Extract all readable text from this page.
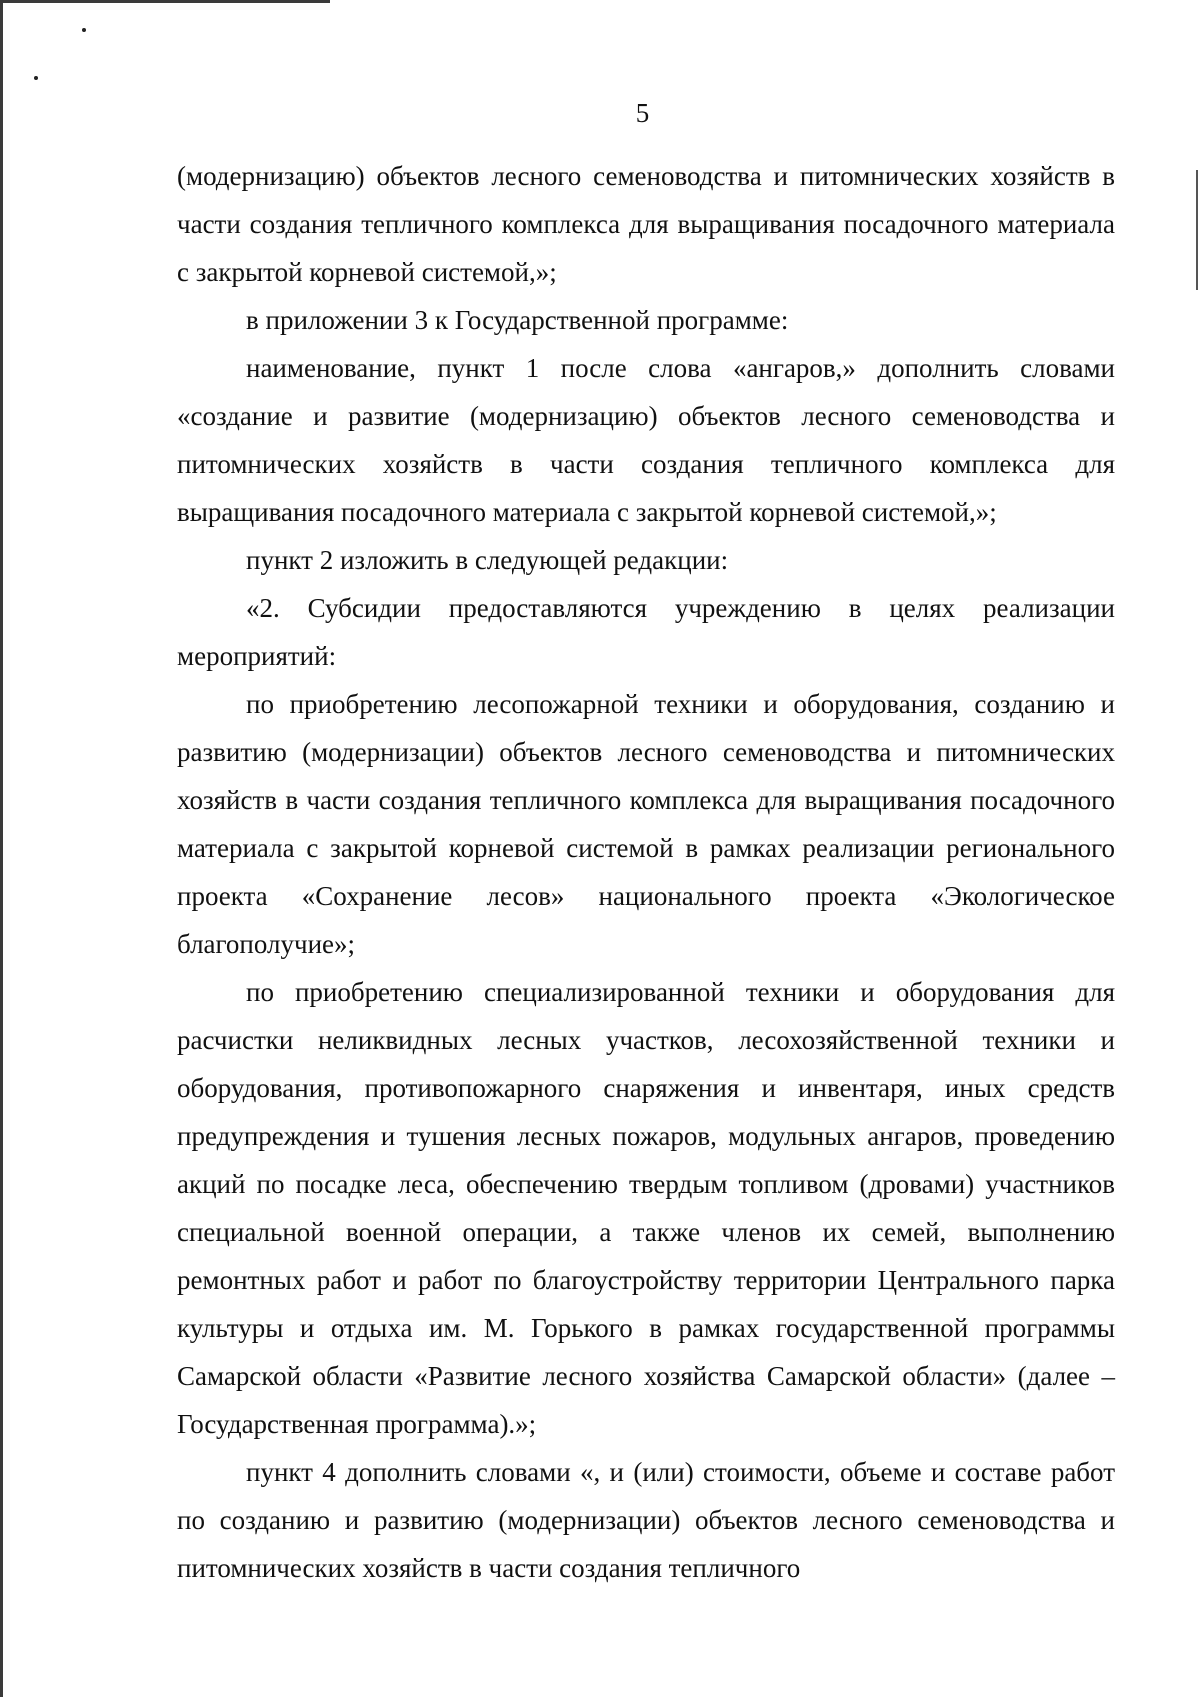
5

(модернизацию) объектов лесного семеноводства и питомнических хозяйств в части создания тепличного комплекса для выращивания посадочного материала с закрытой корневой системой,»;

в приложении 3 к Государственной программе:

наименование, пункт 1 после слова «ангаров,» дополнить словами «создание и развитие (модернизацию) объектов лесного семеноводства и питомнических хозяйств в части создания тепличного комплекса для выращивания посадочного материала с закрытой корневой системой,»;

пункт 2 изложить в следующей редакции:

«2. Субсидии предоставляются учреждению в целях реализации мероприятий:

по приобретению лесопожарной техники и оборудования, созданию и развитию (модернизации) объектов лесного семеноводства и питомнических хозяйств в части создания тепличного комплекса для выращивания посадочного материала с закрытой корневой системой в рамках реализации регионального проекта «Сохранение лесов» национального проекта «Экологическое благополучие»;

по приобретению специализированной техники и оборудования для расчистки неликвидных лесных участков, лесохозяйственной техники и оборудования, противопожарного снаряжения и инвентаря, иных средств предупреждения и тушения лесных пожаров, модульных ангаров, проведению акций по посадке леса, обеспечению твердым топливом (дровами) участников специальной военной операции, а также членов их семей, выполнению ремонтных работ и работ по благоустройству территории Центрального парка культуры и отдыха им. М. Горького в рамках государственной программы Самарской области «Развитие лесного хозяйства Самарской области» (далее – Государственная программа).»;

пункт 4 дополнить словами «, и (или) стоимости, объеме и составе работ по созданию и развитию (модернизации) объектов лесного семеноводства и питомнических хозяйств в части создания тепличного
